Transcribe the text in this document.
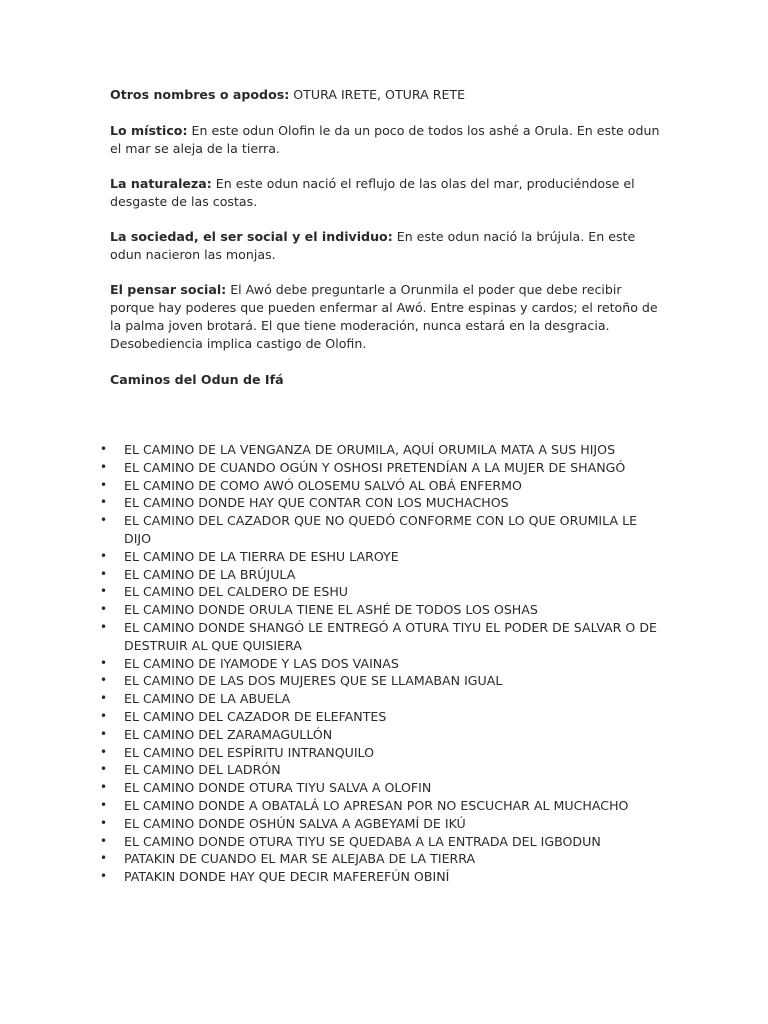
Otros nombres o apodos: OTURA IRETE, OTURA RETE

Lo místico: En este odun Olofin le da un poco de todos los ashé a Orula. En este odun el mar se aleja de la tierra.

La naturaleza: En este odun nació el reflujo de las olas del mar, produciéndose el desgaste de las costas.

La sociedad, el ser social y el individuo: En este odun nació la brújula. En este odun nacieron las monjas.

El pensar social: El Awó debe preguntarle a Orunmila el poder que debe recibir porque hay poderes que pueden enfermar al Awó. Entre espinas y cardos; el retoño de la palma joven brotará. El que tiene moderación, nunca estará en la desgracia. Desobediencia implica castigo de Olofin.

Caminos del Odun de Ifá
• EL CAMINO DE LA VENGANZA DE ORUMILA, AQUÍ ORUMILA MATA A SUS HIJOS
• EL CAMINO DE CUANDO OGÚN Y OSHOSI PRETENDÍAN A LA MUJER DE SHANGÓ
• EL CAMINO DE COMO AWÓ OLOSEMU SALVÓ AL OBÁ ENFERMO
• EL CAMINO DONDE HAY QUE CONTAR CON LOS MUCHACHOS
• EL CAMINO DEL CAZADOR QUE NO QUEDÓ CONFORME CON LO QUE ORUMILA LE DIJO
• EL CAMINO DE LA TIERRA DE ESHU LAROYE
• EL CAMINO DE LA BRÚJULA
• EL CAMINO DEL CALDERO DE ESHU
• EL CAMINO DONDE ORULA TIENE EL ASHÉ DE TODOS LOS OSHAS
• EL CAMINO DONDE SHANGÓ LE ENTREGÓ A OTURA TIYU EL PODER DE SALVAR O DE DESTRUIR AL QUE QUISIERA
• EL CAMINO DE IYAMODE Y LAS DOS VAINAS
• EL CAMINO DE LAS DOS MUJERES QUE SE LLAMABAN IGUAL
• EL CAMINO DE LA ABUELA
• EL CAMINO DEL CAZADOR DE ELEFANTES
• EL CAMINO DEL ZARAMAGULLÓN
• EL CAMINO DEL ESPÍRITU INTRANQUILO
• EL CAMINO DEL LADRÓN
• EL CAMINO DONDE OTURA TIYU SALVA A OLOFIN
• EL CAMINO DONDE A OBATALÁ LO APRESAN POR NO ESCUCHAR AL MUCHACHO
• EL CAMINO DONDE OSHÚN SALVA A AGBEYAMÍ DE IKÚ
• EL CAMINO DONDE OTURA TIYU SE QUEDABA A LA ENTRADA DEL IGBODUN
• PATAKIN DE CUANDO EL MAR SE ALEJABA DE LA TIERRA
• PATAKIN DONDE HAY QUE DECIR MAFEREFÚN OBINÍ
